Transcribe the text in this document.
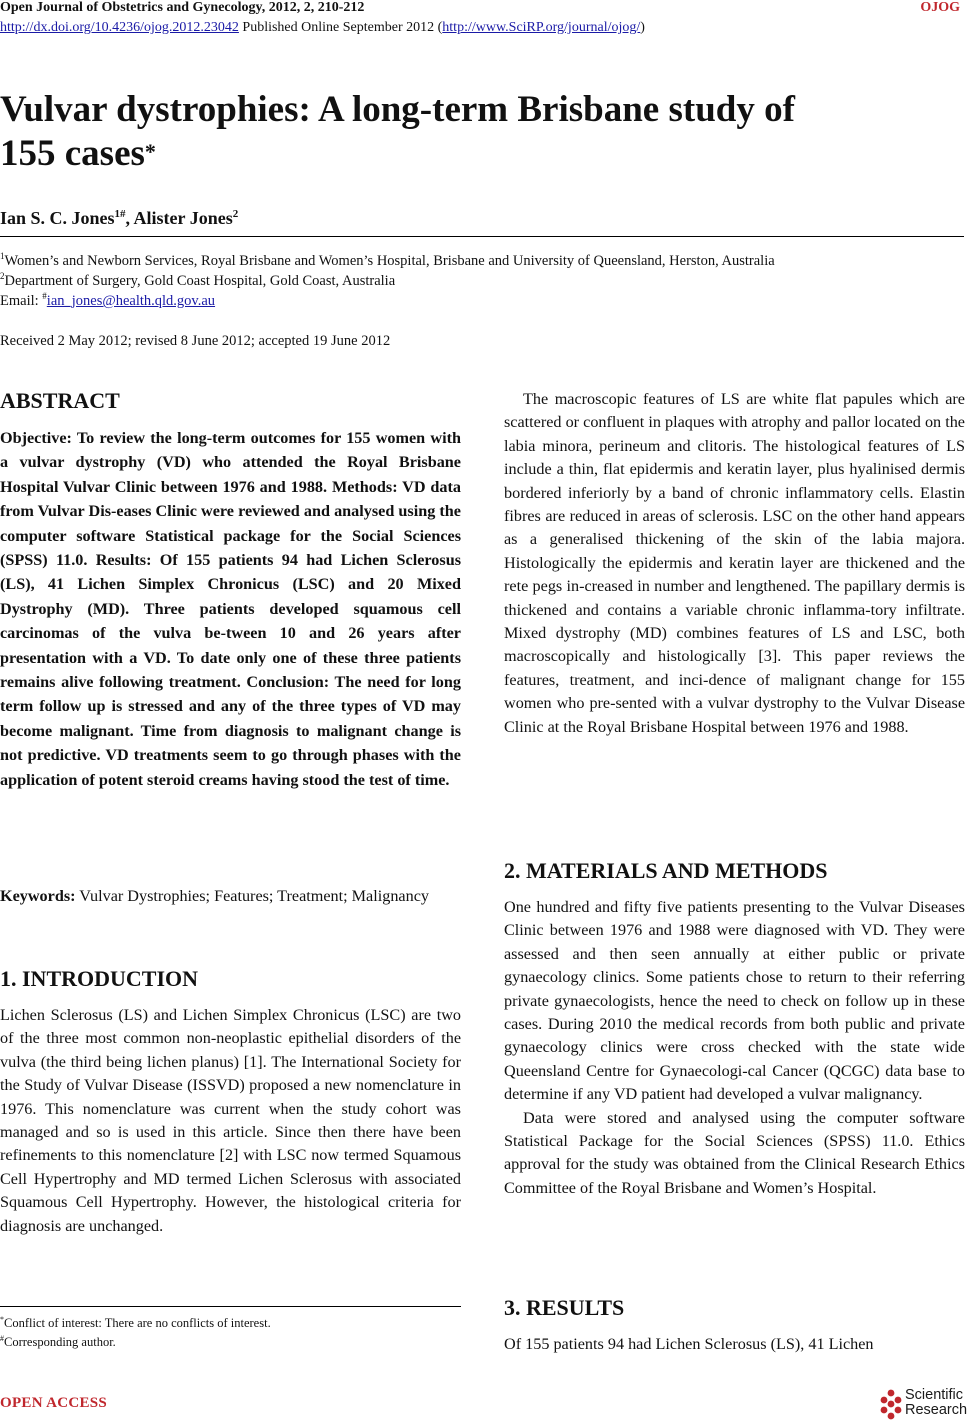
Open Journal of Obstetrics and Gynecology, 2012, 2, 210-212	OJOG
http://dx.doi.org/10.4236/ojog.2012.23042 Published Online September 2012 (http://www.SciRP.org/journal/ojog/)
Vulvar dystrophies: A long-term Brisbane study of
155 cases*
Ian S. C. Jones$^{1\#}$, Alister Jones$^2$
$^1$Women’s and Newborn Services, Royal Brisbane and Women’s Hospital, Brisbane and University of Queensland, Herston, Australia
$^2$Department of Surgery, Gold Coast Hospital, Gold Coast, Australia
Email: #ian_jones@health.qld.gov.au
Received 2 May 2012; revised 8 June 2012; accepted 19 June 2012
ABSTRACT
Objective: To review the long-term outcomes for 155 women with a vulvar dystrophy (VD) who attended the Royal Brisbane Hospital Vulvar Clinic between 1976 and 1988. Methods: VD data from Vulvar Dis-eases Clinic were reviewed and analysed using the computer software Statistical package for the Social Sciences (SPSS) 11.0. Results: Of 155 patients 94 had Lichen Sclerosus (LS), 41 Lichen Simplex Chronicus (LSC) and 20 Mixed Dystrophy (MD). Three patients developed squamous cell carcinomas of the vulva be-tween 10 and 26 years after presentation with a VD. To date only one of these three patients remains alive following treatment. Conclusion: The need for long term follow up is stressed and any of the three types of VD may become malignant. Time from diagnosis to malignant change is not predictive. VD treatments seem to go through phases with the application of potent steroid creams having stood the test of time.
Keywords: Vulvar Dystrophies; Features; Treatment; Malignancy
1. INTRODUCTION

Lichen Sclerosus (LS) and Lichen Simplex Chronicus (LSC) are two of the three most common non-neoplastic epithelial disorders of the vulva (the third being lichen planus) [1]. The International Society for the Study of Vulvar Disease (ISSVD) proposed a new nomenclature in 1976. This nomenclature was current when the study cohort was managed and so is used in this article. Since then there have been refinements to this nomenclature [2] with LSC now termed Squamous Cell Hypertrophy and MD termed Lichen Sclerosus with associated Squamous Cell Hypertrophy. However, the histological criteria for diagnosis are unchanged.

*Conflict of interest: There are no conflicts of interest.
#Corresponding author.

The macroscopic features of LS are white flat papules which are scattered or confluent in plaques with atrophy and pallor located on the labia minora, perineum and clitoris. The histological features of LS include a thin, flat epidermis and keratin layer, plus hyalinised dermis bordered inferiorly by a band of chronic inflammatory cells. Elastin fibres are reduced in areas of sclerosis. LSC on the other hand appears as a generalised thickening of the skin of the labia majora. Histologically the epidermis and keratin layer are thickened and the rete pegs in-creased in number and lengthened. The papillary dermis is thickened and contains a variable chronic inflamma-tory infiltrate. Mixed dystrophy (MD) combines features of LS and LSC, both macroscopically and histologically [3]. This paper reviews the features, treatment, and inci-dence of malignant change for 155 women who pre-sented with a vulvar dystrophy to the Vulvar Disease Clinic at the Royal Brisbane Hospital between 1976 and 1988.

2. MATERIALS AND METHODS

One hundred and fifty five patients presenting to the Vulvar Diseases Clinic between 1976 and 1988 were diagnosed with VD. They were assessed and then seen annually at either public or private gynaecology clinics. Some patients chose to return to their referring private gynaecologists, hence the need to check on follow up in these cases. During 2010 the medical records from both public and private gynaecology clinics were cross checked with the state wide Queensland Centre for Gynaecologi-cal Cancer (QCGC) data base to determine if any VD patient had developed a vulvar malignancy.

Data were stored and analysed using the computer software Statistical Package for the Social Sciences (SPSS) 11.0. Ethics approval for the study was obtained from the Clinical Research Ethics Committee of the Royal Brisbane and Women’s Hospital.

3. RESULTS

Of 155 patients 94 had Lichen Sclerosus (LS), 41 Lichen

OPEN ACCESS	Scientific
Research
